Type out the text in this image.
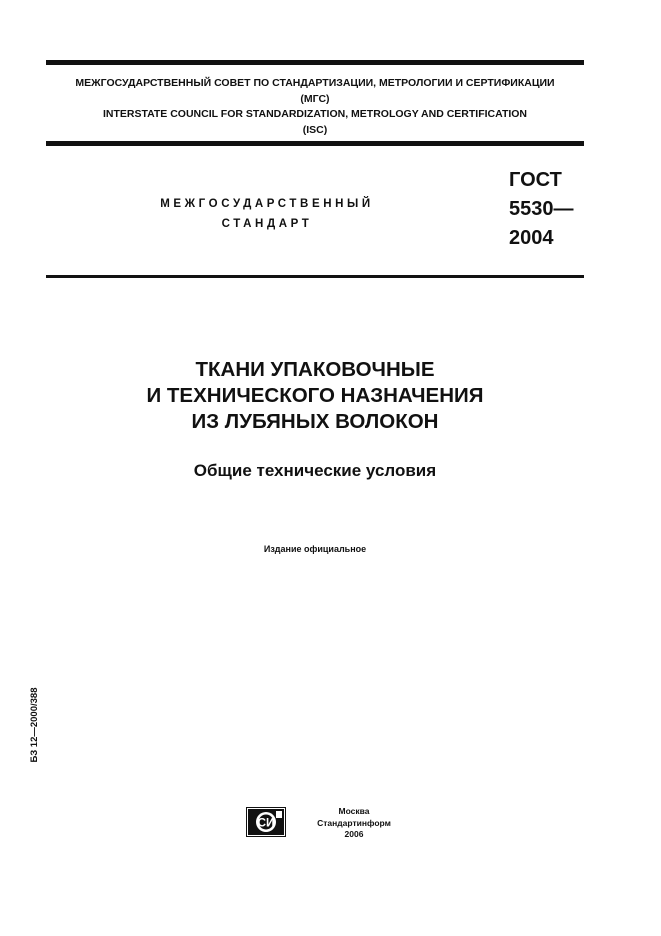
МЕЖГОСУДАРСТВЕННЫЙ СОВЕТ ПО СТАНДАРТИЗАЦИИ, МЕТРОЛОГИИ И СЕРТИФИКАЦИИ
(МГС)
INTERSTATE COUNCIL FOR STANDARDIZATION, METROLOGY AND CERTIFICATION
(ISC)
МЕЖГОСУДАРСТВЕННЫЙ
СТАНДАРТ
ГОСТ
5530—
2004
ТКАНИ УПАКОВОЧНЫЕ
И ТЕХНИЧЕСКОГО НАЗНАЧЕНИЯ
ИЗ ЛУБЯНЫХ ВОЛОКОН
Общие технические условия
Издание официальное
БЗ 12—2000/388
СИ
Москва
Стандартинформ
2006
